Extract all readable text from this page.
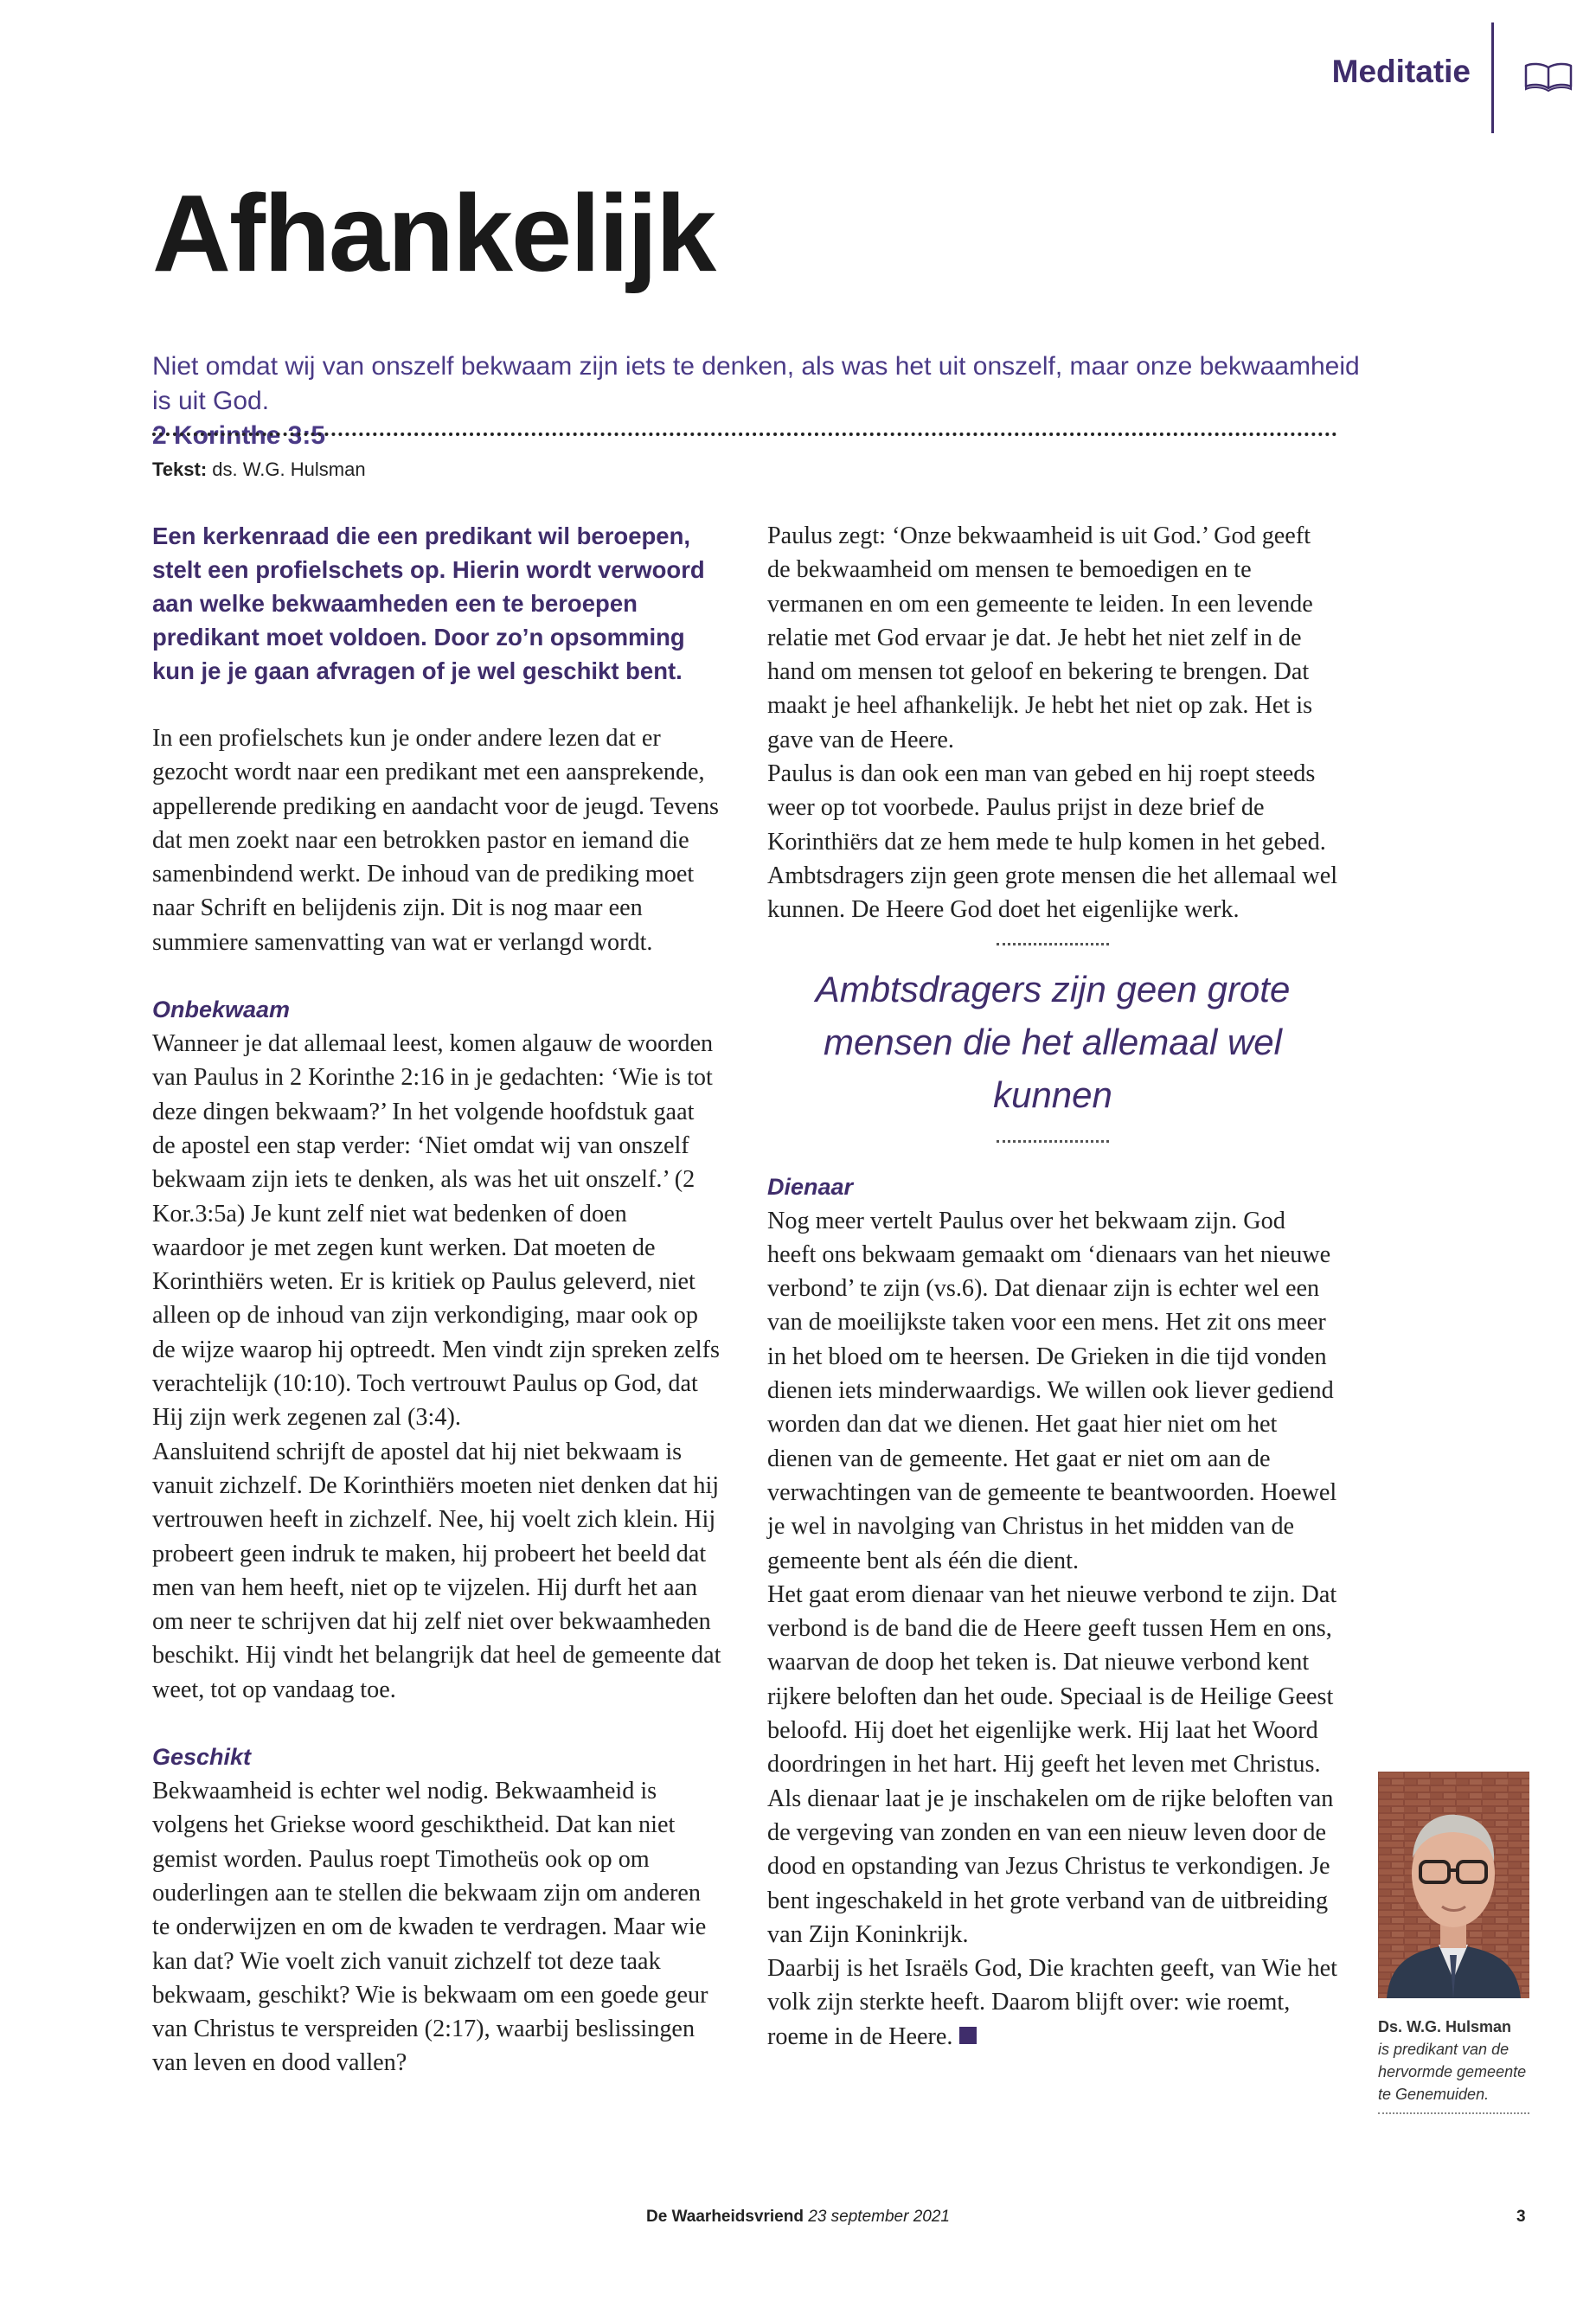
Meditatie
Afhankelijk
Niet omdat wij van onszelf bekwaam zijn iets te denken, als was het uit onszelf, maar onze bekwaamheid is uit God.
2 Korinthe 3:5
Tekst: ds. W.G. Hulsman

Een kerkenraad die een predikant wil beroepen, stelt een profielschets op. Hierin wordt verwoord aan welke bekwaamheden een te beroepen predikant moet voldoen. Door zo’n opsomming kun je je gaan afvragen of je wel geschikt bent.

In een profielschets kun je onder andere lezen dat er gezocht wordt naar een predikant met een aansprekende, appellerende prediking en aandacht voor de jeugd. Tevens dat men zoekt naar een betrokken pastor en iemand die samenbindend werkt. De inhoud van de prediking moet naar Schrift en belijdenis zijn. Dit is nog maar een summiere samenvatting van wat er verlangd wordt.

Onbekwaam

Wanneer je dat allemaal leest, komen algauw de woorden van Paulus in 2 Korinthe 2:16 in je gedachten: ‘Wie is tot deze dingen bekwaam?’ In het volgende hoofdstuk gaat de apostel een stap verder: ‘Niet omdat wij van onszelf bekwaam zijn iets te denken, als was het uit onszelf.’ (2 Kor.3:5a) Je kunt zelf niet wat bedenken of doen waardoor je met zegen kunt werken. Dat moeten de Korinthiërs weten. Er is kritiek op Paulus geleverd, niet alleen op de inhoud van zijn verkondiging, maar ook op de wijze waarop hij optreedt. Men vindt zijn spreken zelfs verachtelijk (10:10). Toch vertrouwt Paulus op God, dat Hij zijn werk zegenen zal (3:4).

Aansluitend schrijft de apostel dat hij niet bekwaam is vanuit zichzelf. De Korinthiërs moeten niet denken dat hij vertrouwen heeft in zichzelf. Nee, hij voelt zich klein. Hij probeert geen indruk te maken, hij probeert het beeld dat men van hem heeft, niet op te vijzelen. Hij durft het aan om neer te schrijven dat hij zelf niet over bekwaamheden beschikt. Hij vindt het belangrijk dat heel de gemeente dat weet, tot op vandaag toe.

Geschikt

Bekwaamheid is echter wel nodig. Bekwaamheid is volgens het Griekse woord geschiktheid. Dat kan niet gemist worden. Paulus roept Timotheüs ook op om ouderlingen aan te stellen die bekwaam zijn om anderen te onderwijzen en om de kwaden te verdragen. Maar wie kan dat? Wie voelt zich vanuit zichzelf tot deze taak bekwaam, geschikt? Wie is bekwaam om een goede geur van Christus te verspreiden (2:17), waarbij beslissingen van leven en dood vallen?

Paulus zegt: ‘Onze bekwaamheid is uit God.’ God geeft de bekwaamheid om mensen te bemoedigen en te vermanen en om een gemeente te leiden. In een levende relatie met God ervaar je dat. Je hebt het niet zelf in de hand om mensen tot geloof en bekering te brengen. Dat maakt je heel afhankelijk. Je hebt het niet op zak. Het is gave van de Heere.

Paulus is dan ook een man van gebed en hij roept steeds weer op tot voorbede. Paulus prijst in deze brief de Korinthiërs dat ze hem mede te hulp komen in het gebed. Ambtsdragers zijn geen grote mensen die het allemaal wel kunnen. De Heere God doet het eigenlijke werk.

Ambtsdragers zijn geen grote mensen die het allemaal wel kunnen

Dienaar

Nog meer vertelt Paulus over het bekwaam zijn. God heeft ons bekwaam gemaakt om ‘dienaars van het nieuwe verbond’ te zijn (vs.6). Dat dienaar zijn is echter wel een van de moeilijkste taken voor een mens. Het zit ons meer in het bloed om te heersen. De Grieken in die tijd vonden dienen iets minderwaardigs. We willen ook liever gediend worden dan dat we dienen. Het gaat hier niet om het dienen van de gemeente. Het gaat er niet om aan de verwachtingen van de gemeente te beantwoorden. Hoewel je wel in navolging van Christus in het midden van de gemeente bent als één die dient.

Het gaat erom dienaar van het nieuwe verbond te zijn. Dat verbond is de band die de Heere geeft tussen Hem en ons, waarvan de doop het teken is. Dat nieuwe verbond kent rijkere beloften dan het oude. Speciaal is de Heilige Geest beloofd. Hij doet het eigenlijke werk. Hij laat het Woord doordringen in het hart. Hij geeft het leven met Christus. Als dienaar laat je je inschakelen om de rijke beloften van de vergeving van zonden en van een nieuw leven door de dood en opstanding van Jezus Christus te verkondigen. Je bent ingeschakeld in het grote verband van de uitbreiding van Zijn Koninkrijk.

Daarbij is het Israëls God, Die krachten geeft, van Wie het volk zijn sterkte heeft. Daarom blijft over: wie roemt, roeme in de Heere.	Ds. W.G. Hulsman
is predikant van de hervormde gemeente te Genemuiden.
De Waarheidsvriend 23 september 2021	3
